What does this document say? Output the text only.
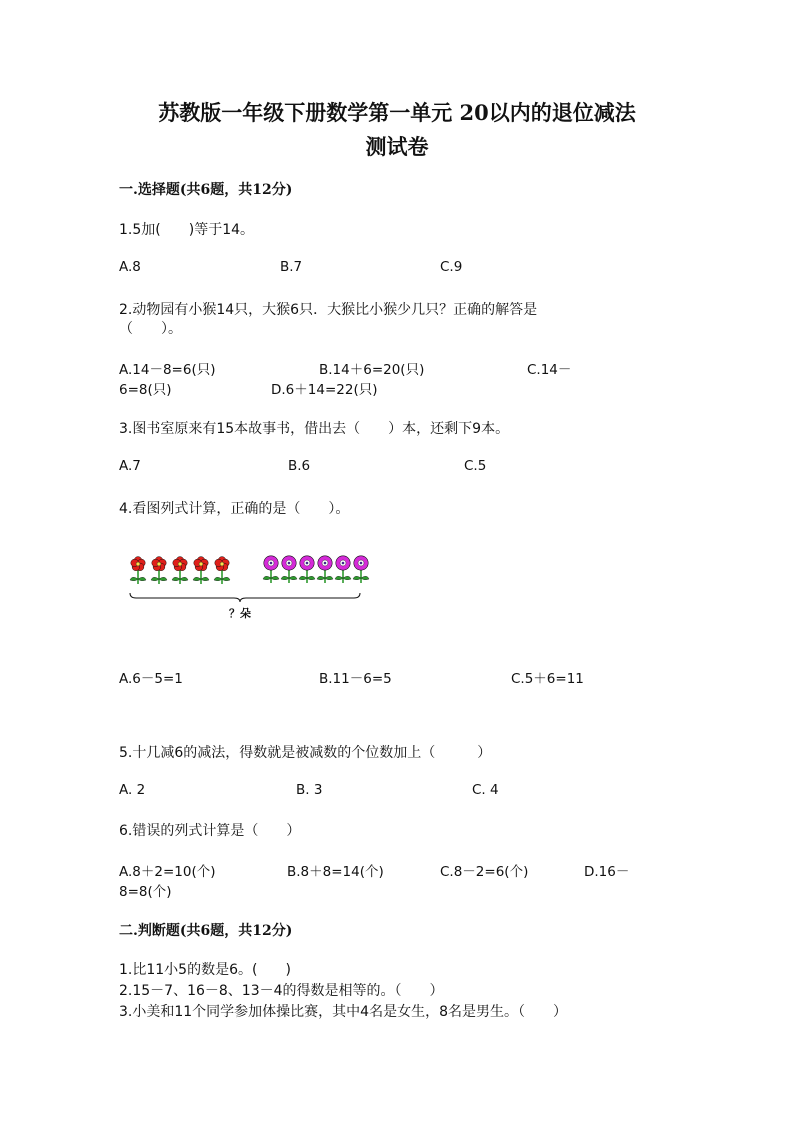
苏教版一年级下册数学第一单元 20以内的退位减法
测试卷
一.选择题(共6题，共12分)
1.5加(　　)等于14。
A.8	B.7	C.9
2.动物园有小猴14只，大猴6只．大猴比小猴少几只？正确的解答是
（　　）。
A.14－8=6(只)	B.14＋6=20(只)	C.14－
6=8(只)	D.6＋14=22(只)
3.图书室原来有15本故事书，借出去（　　）本，还剩下9本。
A.7	B.6	C.5
4.看图列式计算，正确的是（　　）。
？朵
A.6－5=1	B.11－6=5	C.5＋6=11
5.十几减6的减法，得数就是被减数的个位数加上（　　　）
A. 2	B. 3	C. 4
6.错误的列式计算是（　　）
A.8＋2=10(个)	B.8＋8=14(个)	C.8－2=6(个)	D.16－
8=8(个)
二.判断题(共6题，共12分)
1.比11小5的数是6。(　　)
2.15－7、16－8、13－4的得数是相等的。（　　）
3.小美和11个同学参加体操比赛，其中4名是女生，8名是男生。（　　）
